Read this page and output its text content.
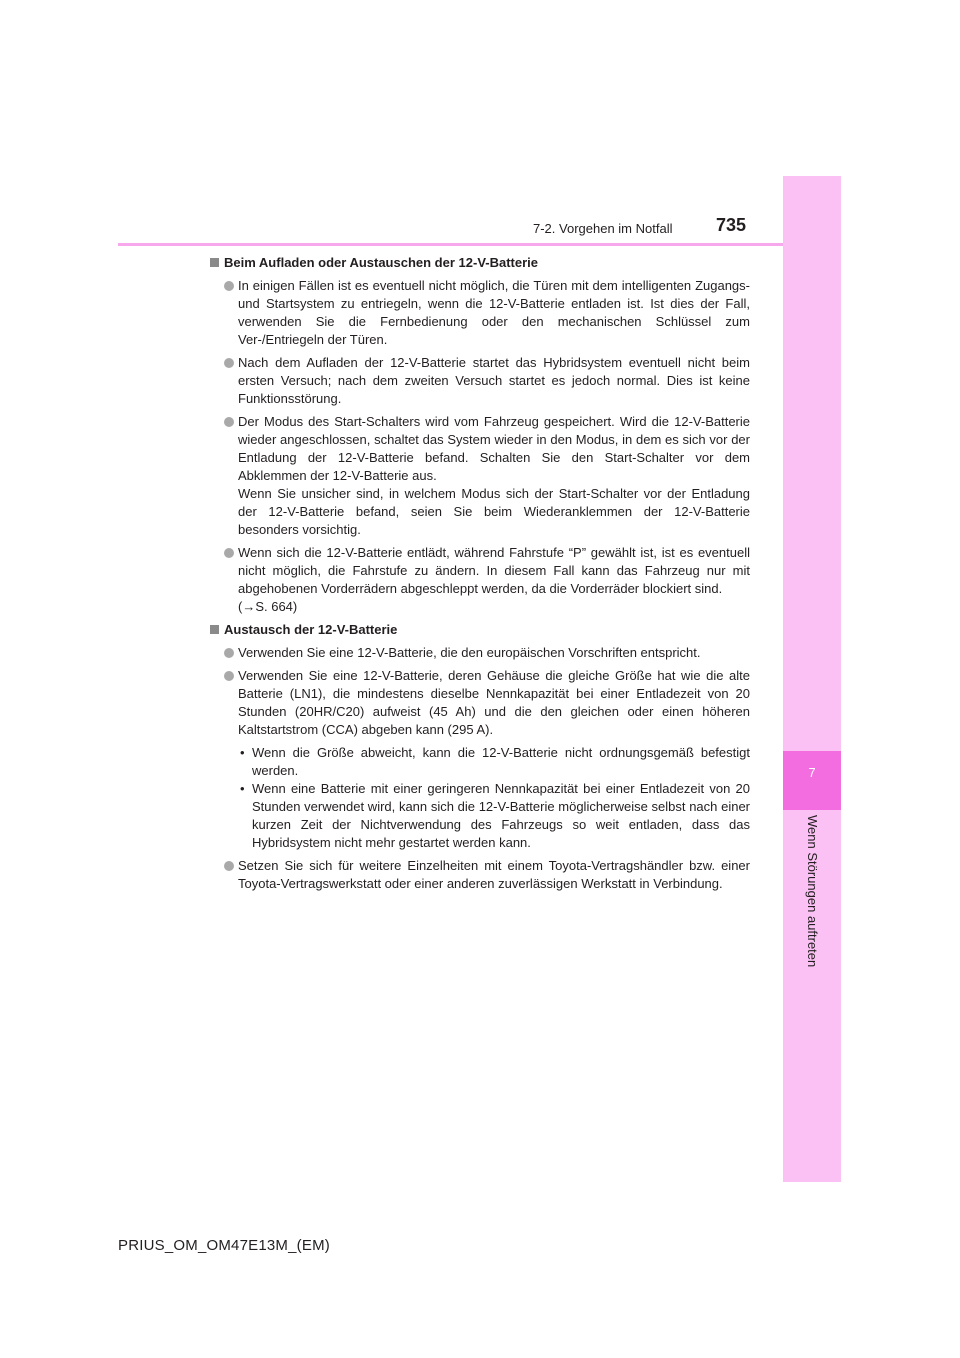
7
Wenn Störungen auftreten
7-2. Vorgehen im Notfall 735
Beim Aufladen oder Austauschen der 12-V-Batterie
In einigen Fällen ist es eventuell nicht möglich, die Türen mit dem intelligenten Zugangs- und Startsystem zu entriegeln, wenn die 12-V-Batterie entladen ist. Ist dies der Fall, verwenden Sie die Fernbedienung oder den mechanischen Schlüssel zum Ver-/Entriegeln der Türen.
Nach dem Aufladen der 12-V-Batterie startet das Hybridsystem eventuell nicht beim ersten Versuch; nach dem zweiten Versuch startet es jedoch normal. Dies ist keine Funktionsstörung.
Der Modus des Start-Schalters wird vom Fahrzeug gespeichert. Wird die 12-V-Batterie wieder angeschlossen, schaltet das System wieder in den Modus, in dem es sich vor der Entladung der 12-V-Batterie befand. Schalten Sie den Start-Schalter vor dem Abklemmen der 12-V-Batterie aus.
Wenn Sie unsicher sind, in welchem Modus sich der Start-Schalter vor der Entladung der 12-V-Batterie befand, seien Sie beim Wiederanklemmen der 12-V-Batterie besonders vorsichtig.
Wenn sich die 12-V-Batterie entlädt, während Fahrstufe “P” gewählt ist, ist es eventuell nicht möglich, die Fahrstufe zu ändern. In diesem Fall kann das Fahrzeug nur mit abgehobenen Vorderrädern abgeschleppt werden, da die Vorderräder blockiert sind.
(→S. 664)
Austausch der 12-V-Batterie
Verwenden Sie eine 12-V-Batterie, die den europäischen Vorschriften entspricht.
Verwenden Sie eine 12-V-Batterie, deren Gehäuse die gleiche Größe hat wie die alte Batterie (LN1), die mindestens dieselbe Nennkapazität bei einer Entladezeit von 20 Stunden (20HR/C20) aufweist (45 Ah) und die den gleichen oder einen höheren Kaltstartstrom (CCA) abgeben kann (295 A).
• Wenn die Größe abweicht, kann die 12-V-Batterie nicht ordnungsgemäß befestigt werden.
• Wenn eine Batterie mit einer geringeren Nennkapazität bei einer Entladezeit von 20 Stunden verwendet wird, kann sich die 12-V-Batterie möglicherweise selbst nach einer kurzen Zeit der Nichtverwendung des Fahrzeugs so weit entladen, dass das Hybridsystem nicht mehr gestartet werden kann.
Setzen Sie sich für weitere Einzelheiten mit einem Toyota-Vertragshändler bzw. einer Toyota-Vertragswerkstatt oder einer anderen zuverlässigen Werkstatt in Verbindung.
PRIUS_OM_OM47E13M_(EM)
